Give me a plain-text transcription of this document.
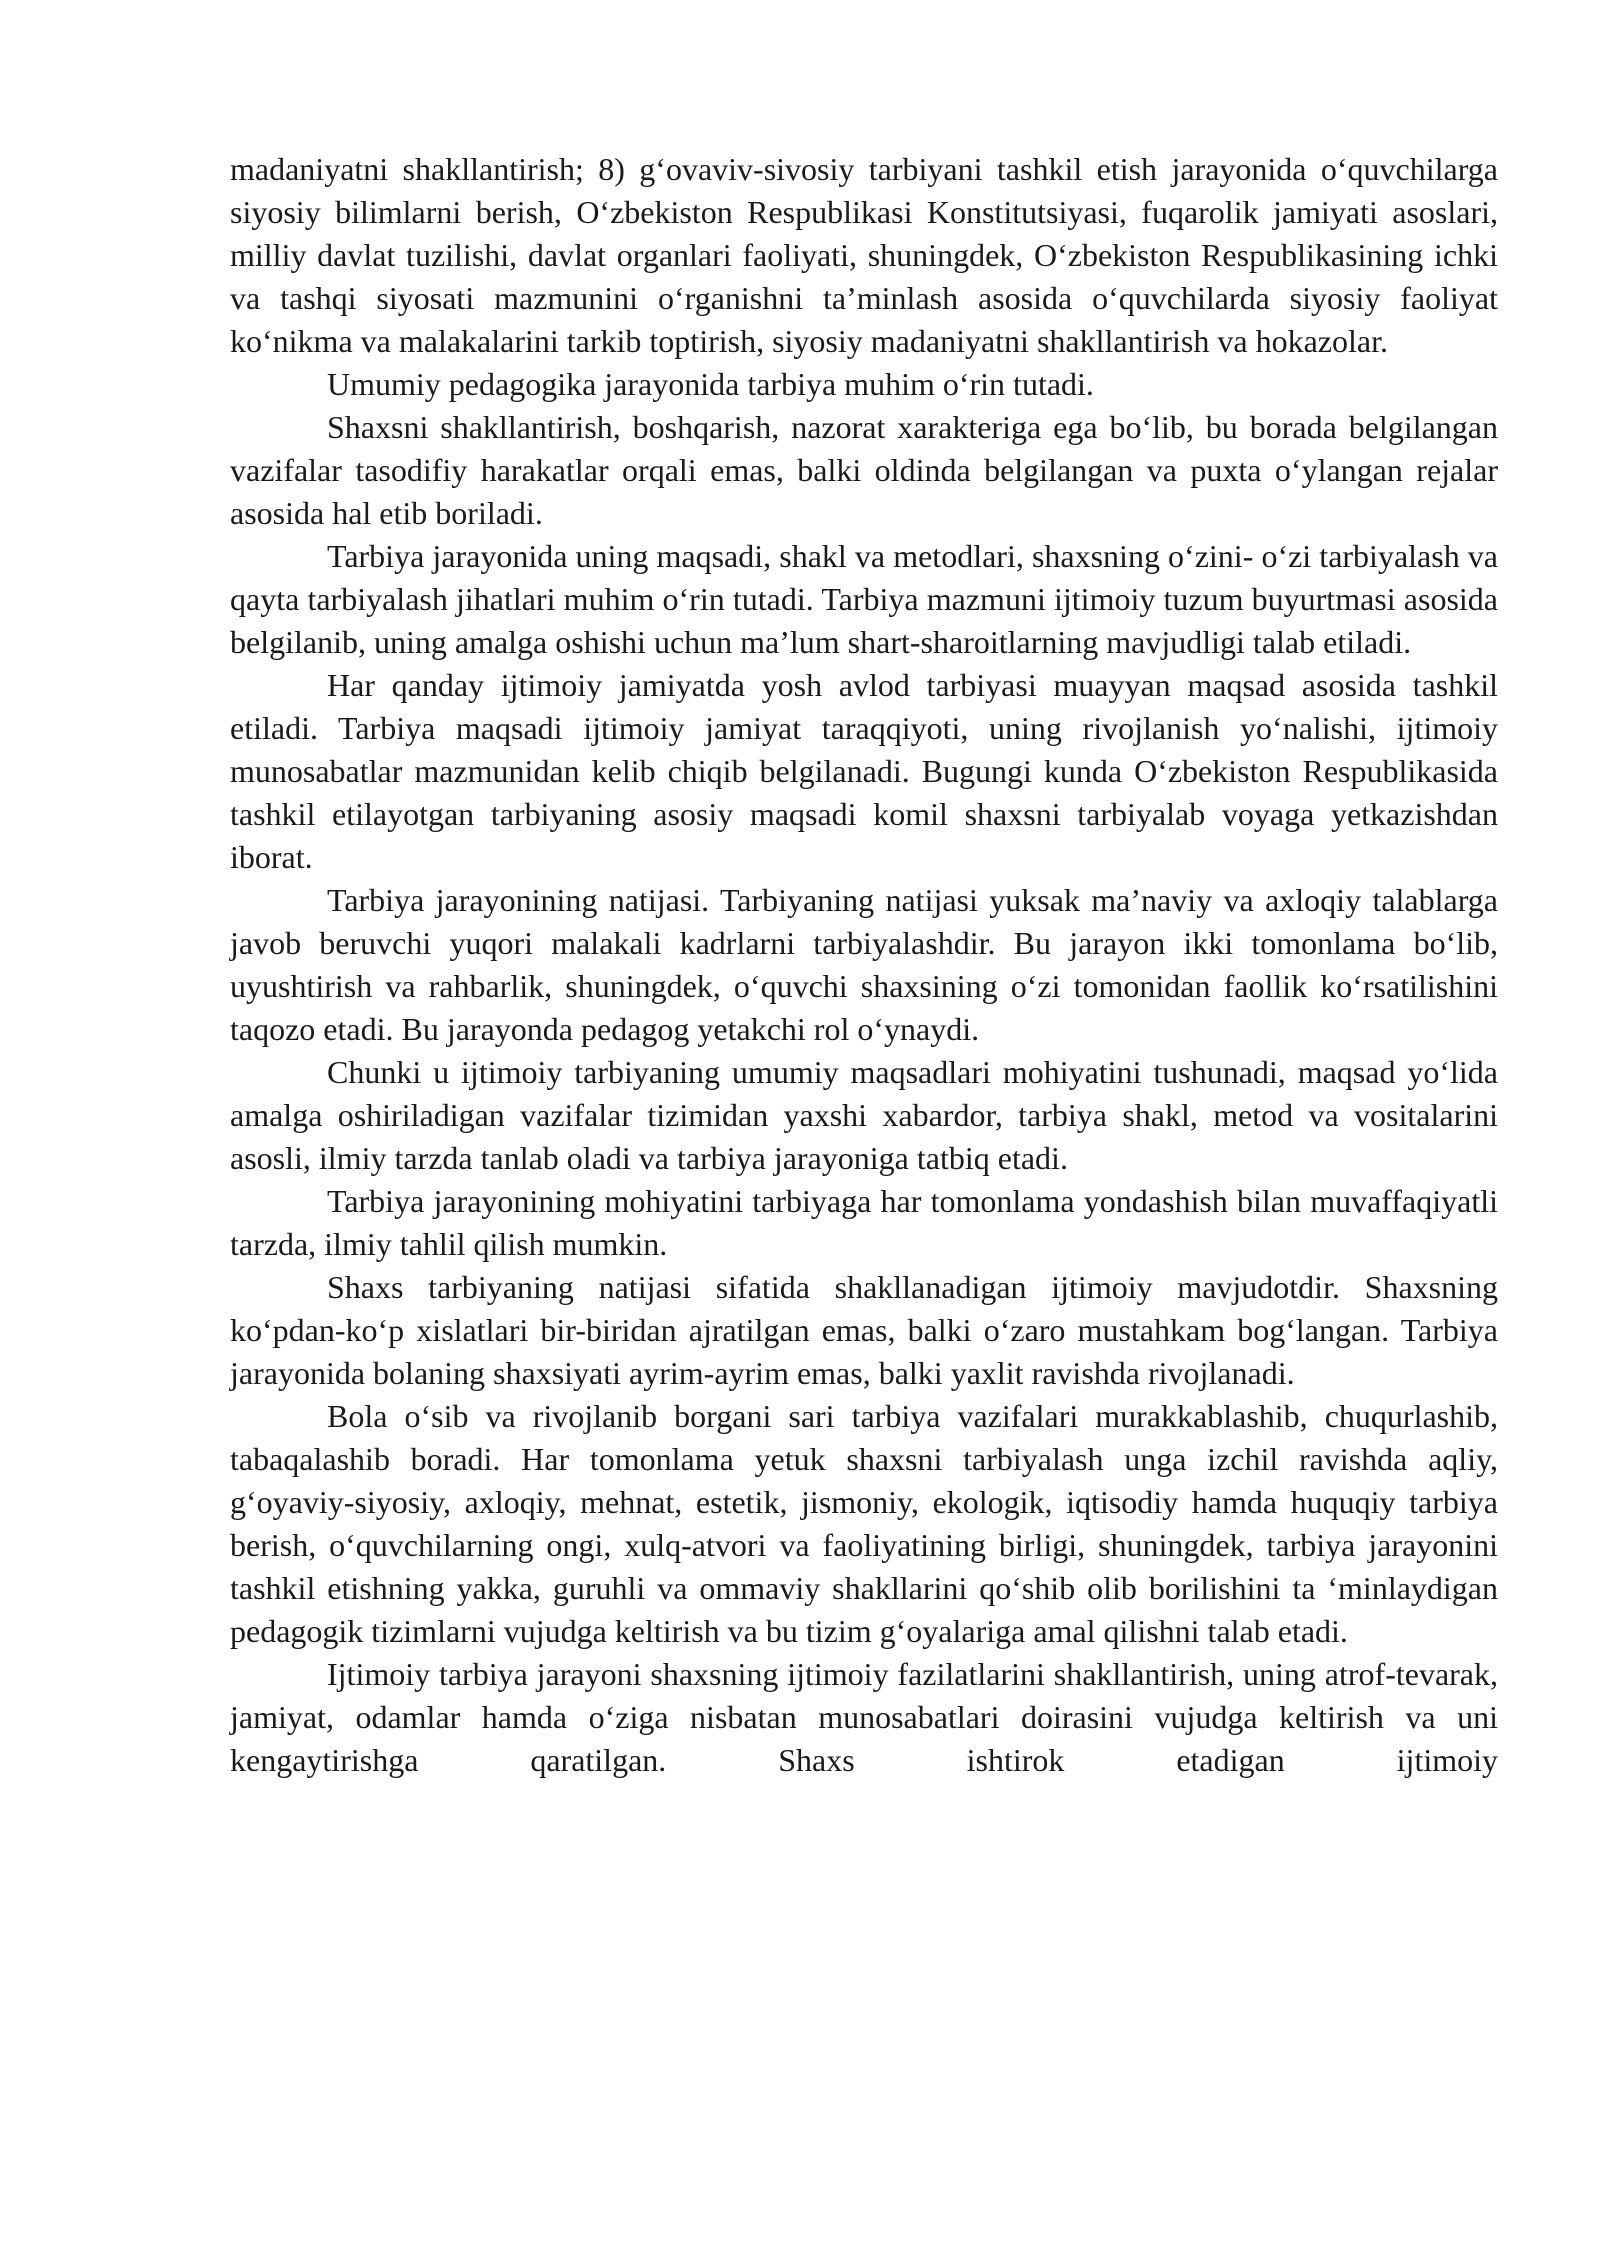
madaniyatni shakllantirish; 8) gʻovaviv-sivosiy tarbiyani tashkil etish jarayonida oʻquvchilarga siyosiy bilimlarni berish, Oʻzbekiston Respublikasi Konstitutsiyasi, fuqarolik jamiyati asoslari, milliy davlat tuzilishi, davlat organlari faoliyati, shuningdek, Oʻzbekiston Respublikasining ichki va tashqi siyosati mazmunini oʻrganishni taʼminlash asosida oʻquvchilarda siyosiy faoliyat koʻnikma va malakalarini tarkib toptirish, siyosiy madaniyatni shakllantirish va hokazolar.

Umumiy pedagogika jarayonida tarbiya muhim oʻrin tutadi.

Shaxsni shakllantirish, boshqarish, nazorat xarakteriga ega boʻlib, bu borada belgilangan vazifalar tasodifiy harakatlar orqali emas, balki oldinda belgilangan va puxta oʻylangan rejalar asosida hal etib boriladi.

Tarbiya jarayonida uning maqsadi, shakl va metodlari, shaxsning oʻzini- oʻzi tarbiyalash va qayta tarbiyalash jihatlari muhim oʻrin tutadi. Tarbiya mazmuni ijtimoiy tuzum buyurtmasi asosida belgilanib, uning amalga oshishi uchun maʼlum shart-sharoitlarning mavjudligi talab etiladi.

Har qanday ijtimoiy jamiyatda yosh avlod tarbiyasi muayyan maqsad asosida tashkil etiladi. Tarbiya maqsadi ijtimoiy jamiyat taraqqiyoti, uning rivojlanish yoʻnalishi, ijtimoiy munosabatlar mazmunidan kelib chiqib belgilanadi. Bugungi kunda Oʻzbekiston Respublikasida tashkil etilayotgan tarbiyaning asosiy maqsadi komil shaxsni tarbiyalab voyaga yetkazishdan iborat.

Tarbiya jarayonining natijasi. Tarbiyaning natijasi yuksak maʼnaviy va axloqiy talablarga javob beruvchi yuqori malakali kadrlarni tarbiyalashdir. Bu jarayon ikki tomonlama boʻlib, uyushtirish va rahbarlik, shuningdek, oʻquvchi shaxsining oʻzi tomonidan faollik koʻrsatilishini taqozo etadi. Bu jarayonda pedagog yetakchi rol oʻynaydi.

Chunki u ijtimoiy tarbiyaning umumiy maqsadlari mohiyatini tushunadi, maqsad yoʻlida amalga oshiriladigan vazifalar tizimidan yaxshi xabardor, tarbiya shakl, metod va vositalarini asosli, ilmiy tarzda tanlab oladi va tarbiya jarayoniga tatbiq etadi.

Tarbiya jarayonining mohiyatini tarbiyaga har tomonlama yondashish bilan muvaffaqiyatli tarzda, ilmiy tahlil qilish mumkin.

Shaxs tarbiyaning natijasi sifatida shakllanadigan ijtimoiy mavjudotdir. Shaxsning koʻpdan-koʻp xislatlari bir-biridan ajratilgan emas, balki oʻzaro mustahkam bogʻlangan. Tarbiya jarayonida bolaning shaxsiyati ayrim-ayrim emas, balki yaxlit ravishda rivojlanadi.

Bola oʻsib va rivojlanib borgani sari tarbiya vazifalari murakkablashib, chuqurlashib, tabaqalashib boradi. Har tomonlama yetuk shaxsni tarbiyalash unga izchil ravishda aqliy, gʻoyaviy-siyosiy, axloqiy, mehnat, estetik, jismoniy, ekologik, iqtisodiy hamda huquqiy tarbiya berish, oʻquvchilarning ongi, xulq-atvori va faoliyatining birligi, shuningdek, tarbiya jarayonini tashkil etishning yakka, guruhli va ommaviy shakllarini qoʻshib olib borilishini ta ʻminlaydigan pedagogik tizimlarni vujudga keltirish va bu tizim gʻoyalariga amal qilishni talab etadi.

Ijtimoiy tarbiya jarayoni shaxsning ijtimoiy fazilatlarini shakllantirish, uning atrof-tevarak, jamiyat, odamlar hamda oʻziga nisbatan munosabatlari doirasini vujudga keltirish va uni kengaytirishga qaratilgan. Shaxs ishtirok etadigan ijtimoiy
